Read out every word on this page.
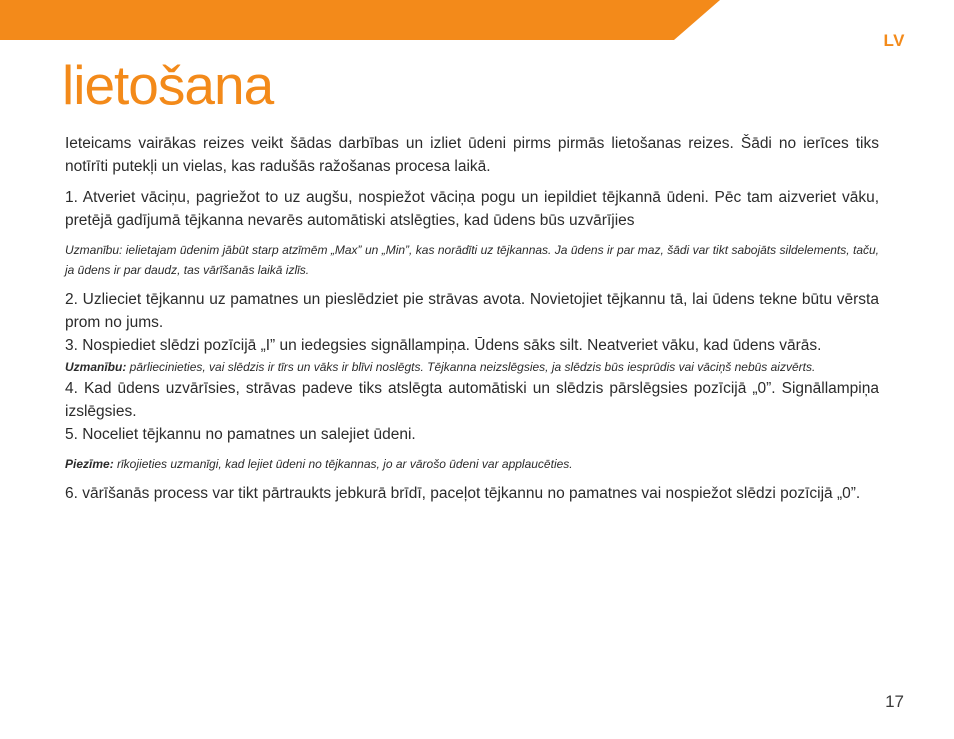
LV
lietošana

Ieteicams vairākas reizes veikt šādas darbības un izliet ūdeni pirms pirmās lietošanas reizes. Šādi no ierīces tiks notīrīti putekļi un vielas, kas radušās ražošanas procesa laikā.

1. Atveriet vāciņu, pagriežot to uz augšu, nospiežot vāciņa pogu un iepildiet tējkannā ūdeni. Pēc tam aizveriet vāku, pretējā gadījumā tējkanna nevarēs automātiski atslēgties, kad ūdens būs uzvārījies

Uzmanību: ielietajam ūdenim jābūt starp atzīmēm „Max” un „Min”, kas norādīti uz tējkannas. Ja ūdens ir par maz, šādi var tikt sabojāts sildelements, taču, ja ūdens ir par daudz, tas vārīšanās laikā izlīs.

2. Uzlieciet tējkannu uz pamatnes un pieslēdziet pie strāvas avota. Novietojiet tējkannu tā, lai ūdens tekne būtu vērsta prom no jums.

3. Nospiediet slēdzi pozīcijā „I” un iedegsies signāllampiņa. Ūdens sāks silt. Neatveriet vāku, kad ūdens vārās.

Uzmanību: pārliecinieties, vai slēdzis ir tīrs un vāks ir blīvi noslēgts. Tējkanna neizslēgsies, ja slēdzis būs iesprūdis vai vāciņš nebūs aizvērts.

4. Kad ūdens uzvārīsies, strāvas padeve tiks atslēgta automātiski un slēdzis pārslēgsies pozīcijā „0”. Signāllampiņa izslēgsies.

5. Noceliet tējkannu no pamatnes un salejiet ūdeni.

Piezīme: rīkojieties uzmanīgi, kad lejiet ūdeni no tējkannas, jo ar vārošo ūdeni var applaucēties.

6. vārīšanās process var tikt pārtraukts jebkurā brīdī, paceļot tējkannu no pamatnes vai nospiežot slēdzi pozīcijā „0”.

17
